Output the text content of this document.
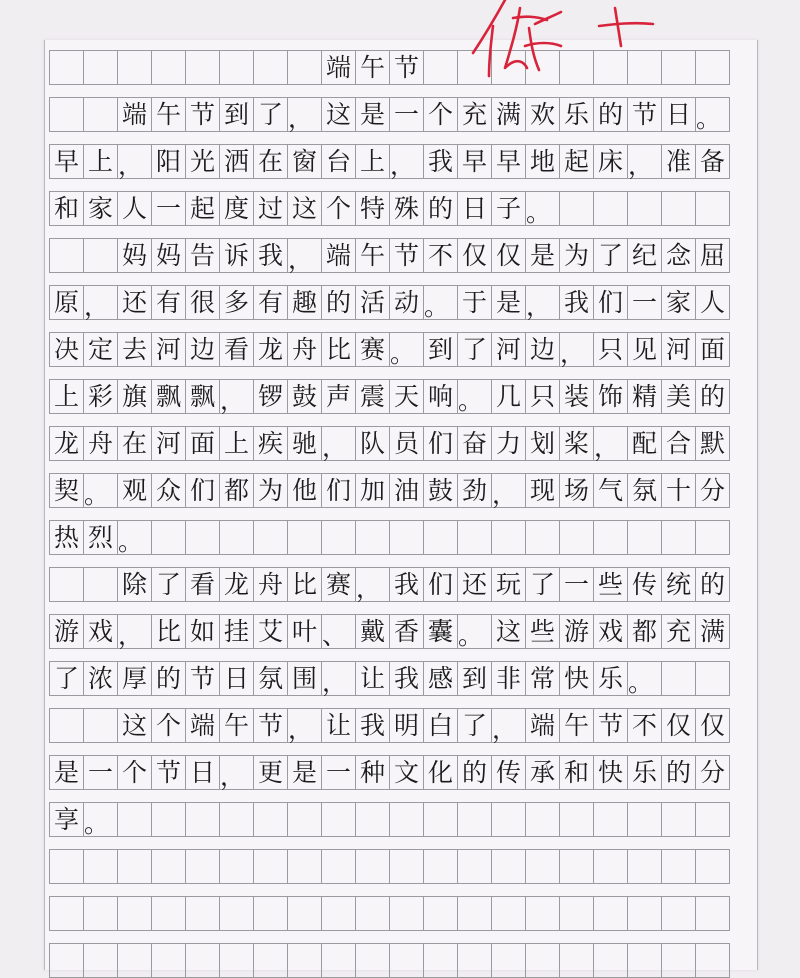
端 午 节
端 午 节 到 了 ， 这 是 一 个 充 满 欢 乐 的 节 日 。
早 上 ， 阳 光 洒 在 窗 台 上 ， 我 早 早 地 起 床 ， 准 备
和 家 人 一 起 度 过 这 个 特 殊 的 日 子 。
妈 妈 告 诉 我 ， 端 午 节 不 仅 仅 是 为 了 纪 念 屈
原 ， 还 有 很 多 有 趣 的 活 动 。 于 是 ， 我 们 一 家 人
决 定 去 河 边 看 龙 舟 比 赛 。 到 了 河 边 ， 只 见 河 面
上 彩 旗 飘 飘 ， 锣 鼓 声 震 天 响 。 几 只 装 饰 精 美 的
龙 舟 在 河 面 上 疾 驰 ， 队 员 们 奋 力 划 桨 ， 配 合 默
契 。 观 众 们 都 为 他 们 加 油 鼓 劲 ， 现 场 气 氛 十 分
热 烈 。
除 了 看 龙 舟 比 赛 ， 我 们 还 玩 了 一 些 传 统 的
游 戏 ， 比 如 挂 艾 叶 、 戴 香 囊 。 这 些 游 戏 都 充 满
了 浓 厚 的 节 日 氛 围 ， 让 我 感 到 非 常 快 乐 。
这 个 端 午 节 ， 让 我 明 白 了 ， 端 午 节 不 仅 仅
是 一 个 节 日 ， 更 是 一 种 文 化 的 传 承 和 快 乐 的 分
享 。
